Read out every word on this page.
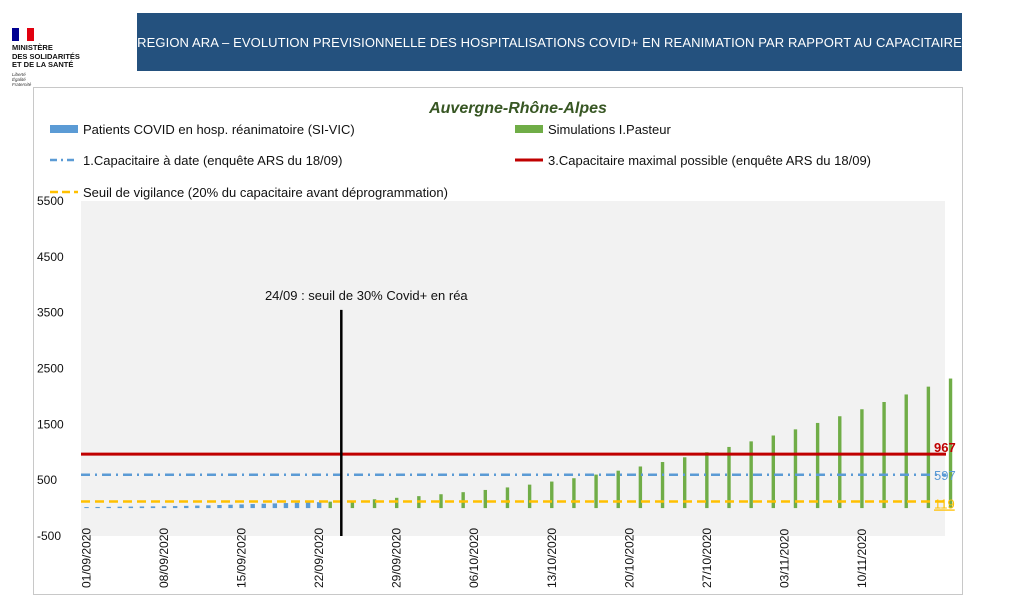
MINISTÈRE
DES SOLIDARITÉS
ET DE LA SANTÉ
Liberté
Égalité
Fraternité
REGION ARA – EVOLUTION PREVISIONNELLE DES HOSPITALISATIONS COVID+ EN REANIMATION PAR RAPPORT AU CAPACITAIRE
Auvergne-Rhône-Alpes
Patients COVID en hosp. réanimatoire (SI-VIC)	Simulations I.Pasteur
1.Capacitaire à date (enquête ARS du 18/09)	3.Capacitaire maximal possible (enquête ARS du 18/09)
Seuil de vigilance (20% du capacitaire avant déprogrammation)
5500
4500
3500
2500
1500
500
-500
967
597
119
24/09 : seuil de 30% Covid+ en réa
01/09/2020	08/09/2020	15/09/2020	22/09/2020	29/09/2020	06/10/2020	13/10/2020	20/10/2020	27/10/2020	03/11/2020	10/11/2020
